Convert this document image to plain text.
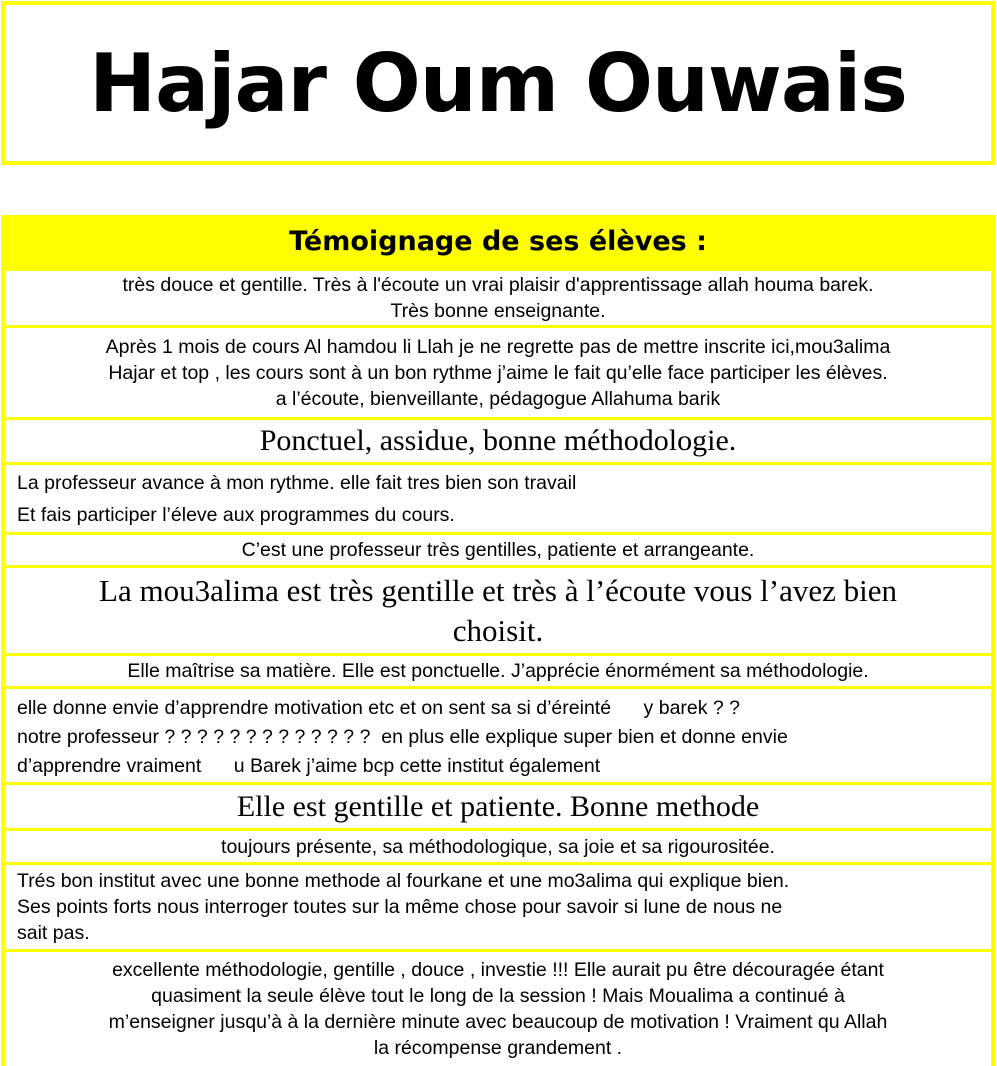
Hajar Oum Ouwais
Témoignage de ses élèves :
très douce et gentille. Très à l'écoute un vrai plaisir d'apprentissage allah houma barek.
Très bonne enseignante.
Après 1 mois de cours Al hamdou li Llah je ne regrette pas de mettre inscrite ici,mou3alima
Hajar et top , les cours sont à un bon rythme j’aime le fait qu’elle face participer les élèves.
a l’écoute, bienveillante, pédagogue Allahuma barik
Ponctuel, assidue, bonne méthodologie.
La professeur avance à mon rythme. elle fait tres bien son travail
Et fais participer l’éleve aux programmes du cours.
C’est une professeur très gentilles, patiente et arrangeante.
La mou3alima est très gentille et très à l’écoute vous l’avez bien
choisit.
Elle maîtrise sa matière. Elle est ponctuelle. J’apprécie énormément sa méthodologie.
elle donne envie d’apprendre motivation etc et on sent sa si d’éreinté      y barek ? ?
notre professeur ? ? ? ? ? ? ? ? ? ? ? ? ?  en plus elle explique super bien et donne envie
d’apprendre vraiment      u Barek j’aime bcp cette institut également
Elle est gentille et patiente. Bonne methode
toujours présente, sa méthodologique, sa joie et sa rigourositée.
Trés bon institut avec une bonne methode al fourkane et une mo3alima qui explique bien.
Ses points forts nous interroger toutes sur la même chose pour savoir si lune de nous ne
sait pas.
excellente méthodologie, gentille , douce , investie !!! Elle aurait pu être découragée étant
quasiment la seule élève tout le long de la session ! Mais Moualima a continué à
m’enseigner jusqu’à à la dernière minute avec beaucoup de motivation ! Vraiment qu Allah
la récompense grandement .
